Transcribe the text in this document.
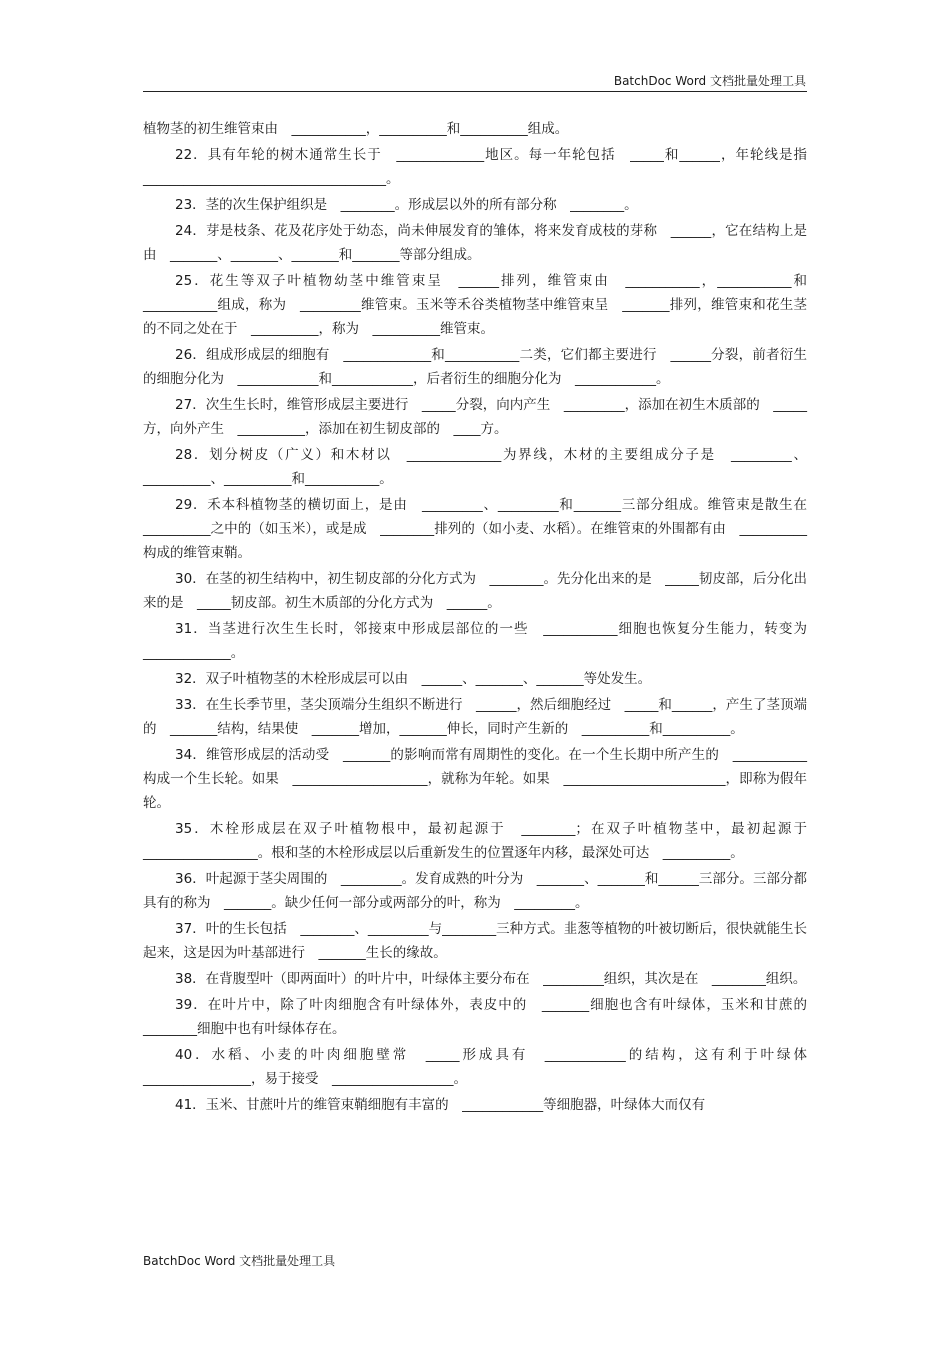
BatchDoc Word 文档批量处理工具

植物茎的初生维管束由　___________，__________和__________组成。

22．具有年轮的树木通常生长于　_____________地区。每一年轮包括　_____和______，年轮线是指　____________________________________。

23．茎的次生保护组织是　________。形成层以外的所有部分称　________。

24．芽是枝条、花及花序处于幼态，尚未伸展发育的雏体，将来发育成枝的芽称　______，它在结构上是由　_______、_______、_______和_______等部分组成。

25．花生等双子叶植物幼茎中维管束呈　______排列，维管束由　___________，___________和___________组成，称为　_________维管束。玉米等禾谷类植物茎中维管束呈　_______排列，维管束和花生茎的不同之处在于　__________，称为　__________维管束。

26．组成形成层的细胞有　_____________和___________二类，它们都主要进行　______分裂，前者衍生的细胞分化为　____________和____________，后者衍生的细胞分化为　____________。

27．次生生长时，维管形成层主要进行　_____分裂，向内产生　_________，添加在初生木质部的　_____方，向外产生　__________，添加在初生韧皮部的　____方。

28．划分树皮（广义）和木材以　______________为界线，木材的主要组成分子是　_________、__________、__________和___________。

29．禾本科植物茎的横切面上，是由　_________、_________和_______三部分组成。维管束是散生在　__________之中的（如玉米），或是成　________排列的（如小麦、水稻）。在维管束的外围都有由　__________构成的维管束鞘。

30．在茎的初生结构中，初生韧皮部的分化方式为　________。先分化出来的是　_____韧皮部，后分化出来的是　_____韧皮部。初生木质部的分化方式为　______。

31．当茎进行次生生长时，邻接束中形成层部位的一些　___________细胞也恢复分生能力，转变为　_____________。

32．双子叶植物茎的木栓形成层可以由　______、_______、_______等处发生。

33．在生长季节里，茎尖顶端分生组织不断进行　______，然后细胞经过　_____和______，产生了茎顶端的　_______结构，结果使　_______增加，_______伸长，同时产生新的　__________和__________。

34．维管形成层的活动受　_______的影响而常有周期性的变化。在一个生长期中所产生的　___________构成一个生长轮。如果　____________________，就称为年轮。如果　________________________，即称为假年轮。

35．木栓形成层在双子叶植物根中，最初起源于　________；在双子叶植物茎中，最初起源于　_________________。根和茎的木栓形成层以后重新发生的位置逐年内移，最深处可达　__________。

36．叶起源于茎尖周围的　_________。发育成熟的叶分为　_______、_______和______三部分。三部分都具有的称为　_______。缺少任何一部分或两部分的叶，称为　_________。

37．叶的生长包括　________、_________与________三种方式。韭葱等植物的叶被切断后，很快就能生长起来，这是因为叶基部进行　_______生长的缘故。

38．在背腹型叶（即两面叶）的叶片中，叶绿体主要分布在　_________组织，其次是在　________组织。

39．在叶片中，除了叶肉细胞含有叶绿体外，表皮中的　_______细胞也含有叶绿体，玉米和甘蔗的　________细胞中也有叶绿体存在。

40．水稻、小麦的叶肉细胞壁常　_____形成具有　____________的结构，这有利于叶绿体　________________，易于接受　__________________。

41．玉米、甘蔗叶片的维管束鞘细胞有丰富的　____________等细胞器，叶绿体大而仅有

BatchDoc Word 文档批量处理工具
